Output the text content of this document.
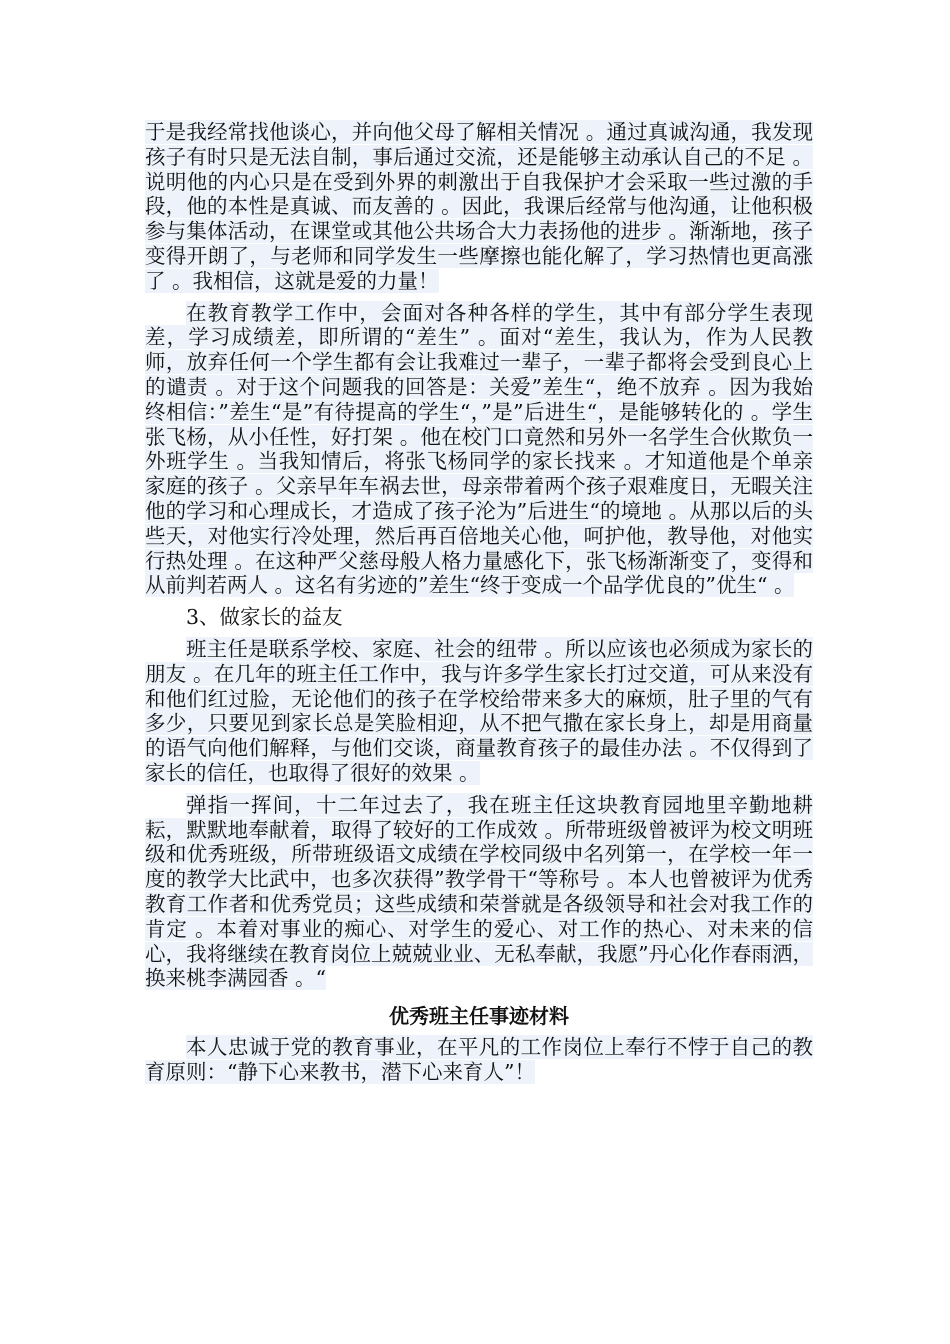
于是我经常找他谈心，并向他父母了解相关情况 。通过真诚沟通，我发现孩子有时只是无法自制，事后通过交流，还是能够主动承认自己的不足 。说明他的内心只是在受到外界的刺激出于自我保护才会采取一些过激的手段，他的本性是真诚、而友善的 。因此，我课后经常与他沟通，让他积极参与集体活动，在课堂或其他公共场合大力表扬他的进步 。渐渐地，孩子变得开朗了，与老师和同学发生一些摩擦也能化解了，学习热情也更高涨了 。我相信，这就是爱的力量！

在教育教学工作中，会面对各种各样的学生，其中有部分学生表现差，学习成绩差，即所谓的“差生” 。面对“差生，我认为，作为人民教师，放弃任何一个学生都有会让我难过一辈子，一辈子都将会受到良心上的谴责 。对于这个问题我的回答是：关爱”差生“，绝不放弃 。因为我始终相信：”差生“是”有待提高的学生“，”是”后进生“，是能够转化的 。学生张飞杨，从小任性，好打架 。他在校门口竟然和另外一名学生合伙欺负一外班学生 。当我知情后，将张飞杨同学的家长找来 。才知道他是个单亲家庭的孩子 。父亲早年车祸去世，母亲带着两个孩子艰难度日，无暇关注他的学习和心理成长，才造成了孩子沦为”后进生“的境地 。从那以后的头些天，对他实行冷处理，然后再百倍地关心他，呵护他，教导他，对他实行热处理 。在这种严父慈母般人格力量感化下，张飞杨渐渐变了，变得和从前判若两人 。这名有劣迹的”差生“终于变成一个品学优良的”优生“ 。

3、做家长的益友

班主任是联系学校、家庭、社会的纽带 。所以应该也必须成为家长的朋友 。在几年的班主任工作中，我与许多学生家长打过交道，可从来没有和他们红过脸，无论他们的孩子在学校给带来多大的麻烦，肚子里的气有多少，只要见到家长总是笑脸相迎，从不把气撒在家长身上，却是用商量的语气向他们解释，与他们交谈，商量教育孩子的最佳办法 。不仅得到了家长的信任，也取得了很好的效果 。

弹指一挥间，十二年过去了，我在班主任这块教育园地里辛勤地耕耘，默默地奉献着，取得了较好的工作成效 。所带班级曾被评为校文明班级和优秀班级，所带班级语文成绩在学校同级中名列第一，在学校一年一度的教学大比武中，也多次获得”教学骨干“等称号 。本人也曾被评为优秀教育工作者和优秀党员；这些成绩和荣誉就是各级领导和社会对我工作的肯定 。本着对事业的痴心、对学生的爱心、对工作的热心、对未来的信心，我将继续在教育岗位上兢兢业业、无私奉献，我愿”丹心化作春雨洒，换来桃李满园香 。“

优秀班主任事迹材料

本人忠诚于党的教育事业，在平凡的工作岗位上奉行不悖于自己的教育原则：“静下心来教书，潜下心来育人”！
